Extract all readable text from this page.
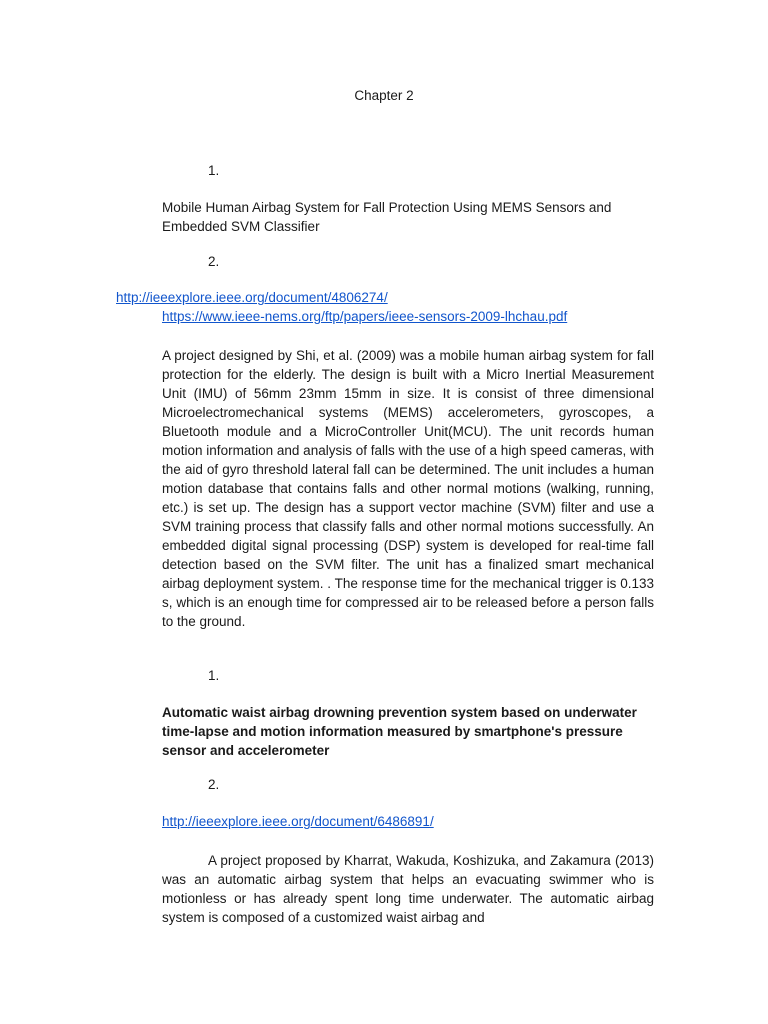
Chapter 2
1.
Mobile Human Airbag System for Fall Protection Using MEMS Sensors and Embedded SVM Classifier
2.
http://ieeexplore.ieee.org/document/4806274/
https://www.ieee-nems.org/ftp/papers/ieee-sensors-2009-lhchau.pdf
A project designed by Shi, et al. (2009) was a mobile human airbag system for fall protection for the elderly. The design is built with a Micro Inertial Measurement Unit (IMU) of 56mm 23mm 15mm in size. It is consist of three dimensional Microelectromechanical systems (MEMS) accelerometers, gyroscopes, a Bluetooth module and a MicroController Unit(MCU). The unit records human motion information and analysis of falls with the use of a high speed cameras, with the aid of gyro threshold lateral fall can be determined. The unit includes a human motion database that contains falls and other normal motions (walking, running, etc.) is set up. The design has a support vector machine (SVM) filter and use a SVM training process that classify falls and other normal motions successfully. An embedded digital signal processing (DSP) system is developed for real-time fall detection based on the SVM filter. The unit has a finalized smart mechanical airbag deployment system. . The response time for the mechanical trigger is 0.133 s, which is an enough time for compressed air to be released before a person falls to the ground.
1.
Automatic waist airbag drowning prevention system based on underwater time-lapse and motion information measured by smartphone's pressure sensor and accelerometer
2.
http://ieeexplore.ieee.org/document/6486891/
A project proposed by Kharrat, Wakuda, Koshizuka, and Zakamura (2013) was an automatic airbag system that helps an evacuating swimmer who is motionless or has already spent long time underwater. The automatic airbag system is composed of a customized waist airbag and
